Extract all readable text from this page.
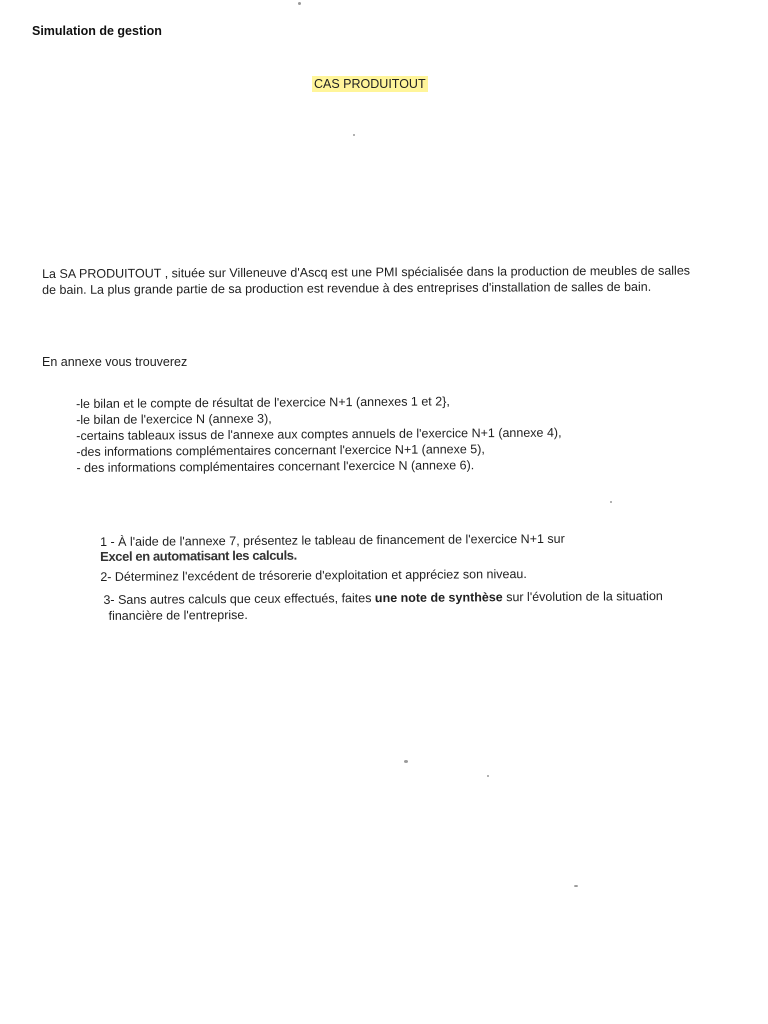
Simulation de gestion
CAS PRODUITOUT

La SA PRODUITOUT , située sur Villeneuve d'Ascq est une PMI spécialisée dans la production de meubles de salles de bain. La plus grande partie de sa production est revendue à des entreprises d'installation de salles de bain.

En annexe vous trouverez
-le bilan et le compte de résultat de l'exercice N+1 (annexes 1 et 2},
-le bilan de l'exercice N (annexe 3),
-certains tableaux issus de l'annexe aux comptes annuels de l'exercice N+1 (annexe 4),
-des informations complémentaires concernant l'exercice N+1 (annexe 5),
- des informations complémentaires concernant l'exercice N (annexe 6).
1 - À l'aide de l'annexe 7, présentez le tableau de financement de l'exercice N+1 sur
Excel en automatisant les calculs.
2- Déterminez l'excédent de trésorerie d'exploitation et appréciez son niveau.
3- Sans autres calculs que ceux effectués, faites une note de synthèse sur l'évolution de la situation
financière de l'entreprise.
